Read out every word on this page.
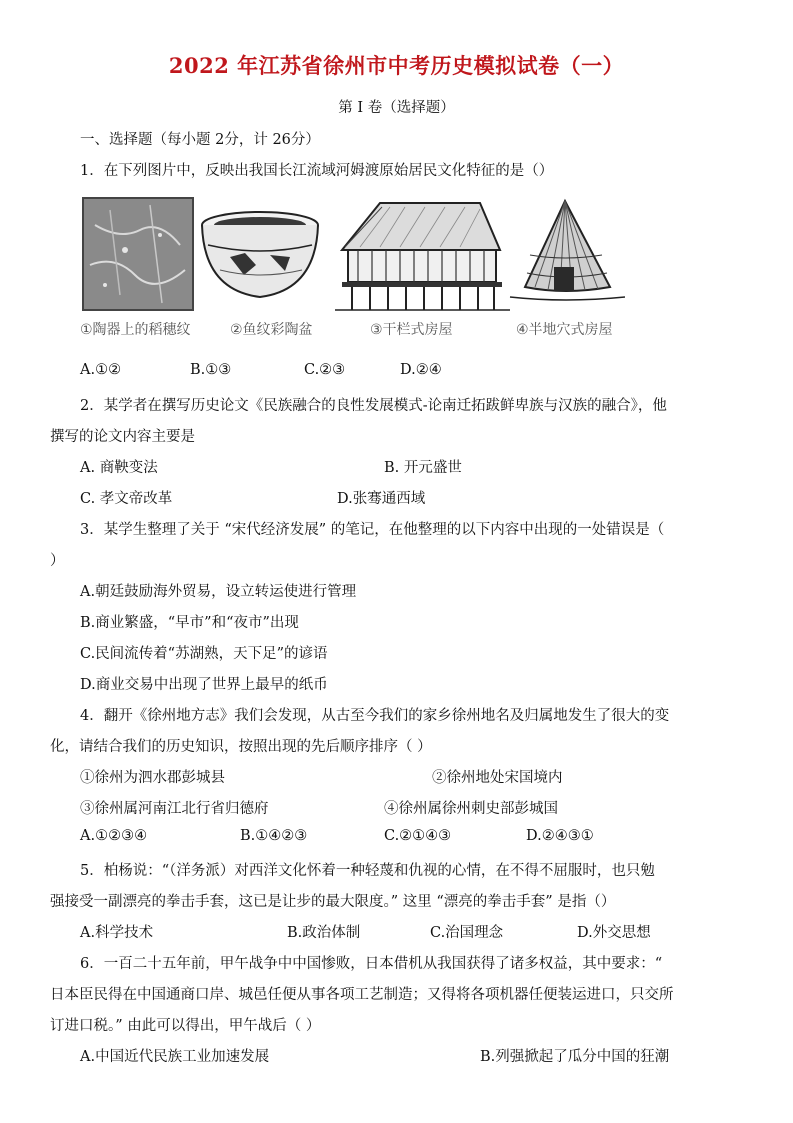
2022 年江苏省徐州市中考历史模拟试卷（一）
第 I 卷（选择题）
一、选择题（每小题 2分，计 26分）
1．在下列图片中，反映出我国长江流域河姆渡原始居民文化特征的是（）
①陶器上的稻穗纹	②鱼纹彩陶盆	③干栏式房屋	④半地穴式房屋
A.①②	B.①③	C.②③	D.②④
2．某学者在撰写历史论文《民族融合的良性发展模式-论南迁拓跋鲜卑族与汉族的融合》，他
撰写的论文内容主要是
A. 商鞅变法	B. 开元盛世
C. 孝文帝改革	D.张骞通西域
3．某学生整理了关于 “宋代经济发展” 的笔记，在他整理的以下内容中出现的一处错误是（
）
A.朝廷鼓励海外贸易，设立转运使进行管理
B.商业繁盛，“早市”和“夜市”出现
C.民间流传着“苏湖熟，天下足”的谚语
D.商业交易中出现了世界上最早的纸币
4．翻开《徐州地方志》我们会发现，从古至今我们的家乡徐州地名及归属地发生了很大的变
化，请结合我们的历史知识，按照出现的先后顺序排序（ ）
①徐州为泗水郡彭城县	②徐州地处宋国境内
③徐州属河南江北行省归德府	④徐州属徐州刺史部彭城国
A.①②③④	B.①④②③	C.②①④③	D.②④③①
5．柏杨说：“（洋务派）对西洋文化怀着一种轻蔑和仇视的心情，在不得不屈服时，也只勉
强接受一副漂亮的拳击手套，这已是让步的最大限度。” 这里 “漂亮的拳击手套” 是指（）
A.科学技术	B.政治体制	C.治国理念	D.外交思想
6．一百二十五年前，甲午战争中中国惨败，日本借机从我国获得了诸多权益，其中要求：“
日本臣民得在中国通商口岸、城邑任便从事各项工艺制造；又得将各项机器任便装运进口，只交所
订进口税。” 由此可以得出，甲午战后（ ）
A.中国近代民族工业加速发展	B.列强掀起了瓜分中国的狂潮
